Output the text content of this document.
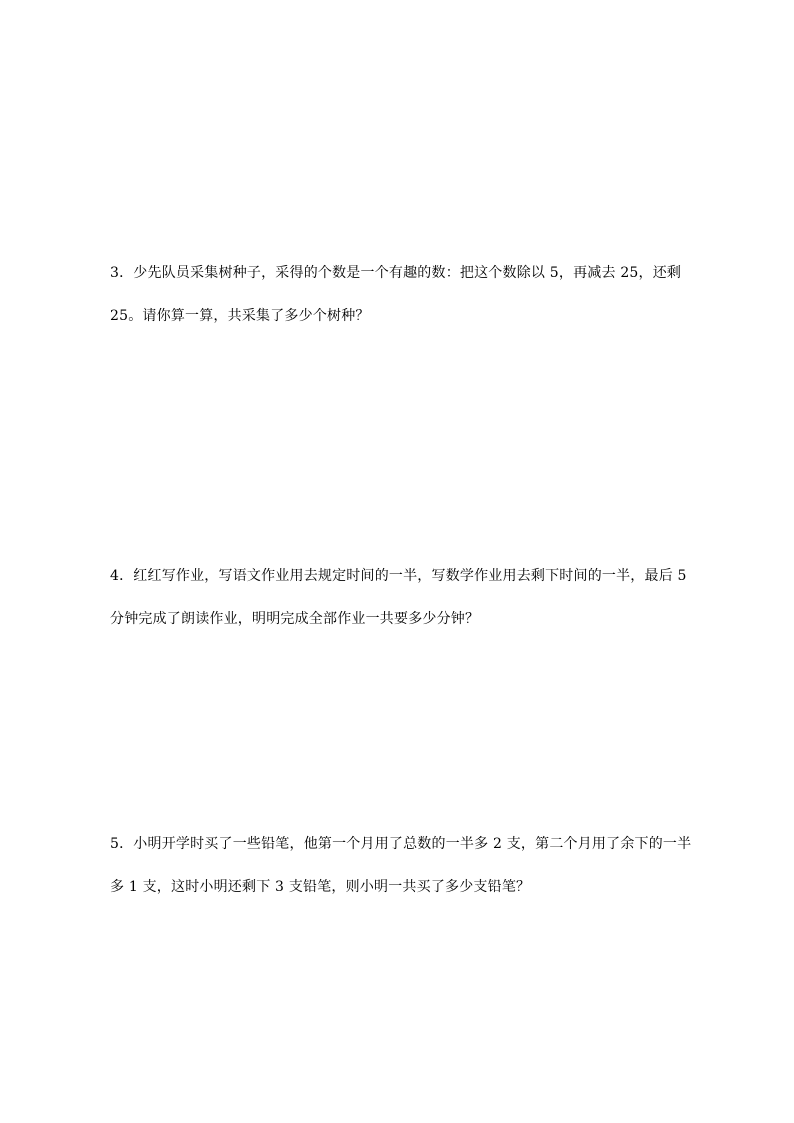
3．少先队员采集树种子，采得的个数是一个有趣的数：把这个数除以 5，再减去 25，还剩
25。请你算一算，共采集了多少个树种？
4．红红写作业，写语文作业用去规定时间的一半，写数学作业用去剩下时间的一半，最后 5
分钟完成了朗读作业，明明完成全部作业一共要多少分钟？
5．小明开学时买了一些铅笔，他第一个月用了总数的一半多 2 支，第二个月用了余下的一半
多 1 支，这时小明还剩下 3 支铅笔，则小明一共买了多少支铅笔？
